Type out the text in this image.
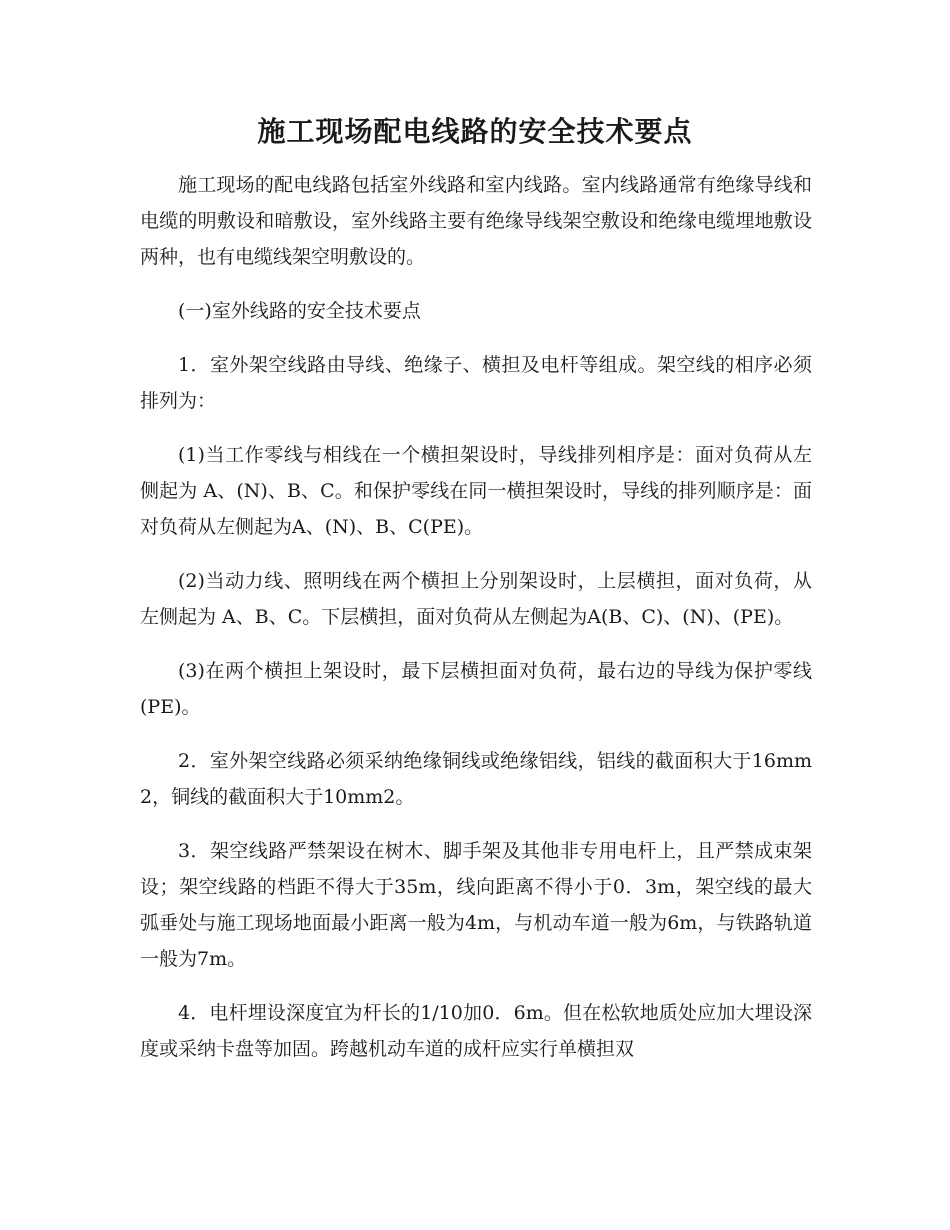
施工现场配电线路的安全技术要点

施工现场的配电线路包括室外线路和室内线路。室内线路通常有绝缘导线和电缆的明敷设和暗敷设，室外线路主要有绝缘导线架空敷设和绝缘电缆埋地敷设两种，也有电缆线架空明敷设的。

(一)室外线路的安全技术要点

1．室外架空线路由导线、绝缘子、横担及电杆等组成。架空线的相序必须排列为：

(1)当工作零线与相线在一个横担架设时，导线排列相序是：面对负荷从左侧起为 A、(N)、B、C。和保护零线在同一横担架设时，导线的排列顺序是：面对负荷从左侧起为A、(N)、B、C(PE)。

(2)当动力线、照明线在两个横担上分别架设时，上层横担，面对负荷，从左侧起为 A、B、C。下层横担，面对负荷从左侧起为A(B、C)、(N)、(PE)。

(3)在两个横担上架设时，最下层横担面对负荷，最右边的导线为保护零线(PE)。

2．室外架空线路必须采纳绝缘铜线或绝缘铝线，铝线的截面积大于16mm2，铜线的截面积大于10mm2。

3．架空线路严禁架设在树木、脚手架及其他非专用电杆上，且严禁成束架设；架空线路的档距不得大于35m，线向距离不得小于0．3m，架空线的最大弧垂处与施工现场地面最小距离一般为4m，与机动车道一般为6m，与铁路轨道一般为7m。

4．电杆埋设深度宜为杆长的1/10加0．6m。但在松软地质处应加大埋设深度或采纳卡盘等加固。跨越机动车道的成杆应实行单横担双
